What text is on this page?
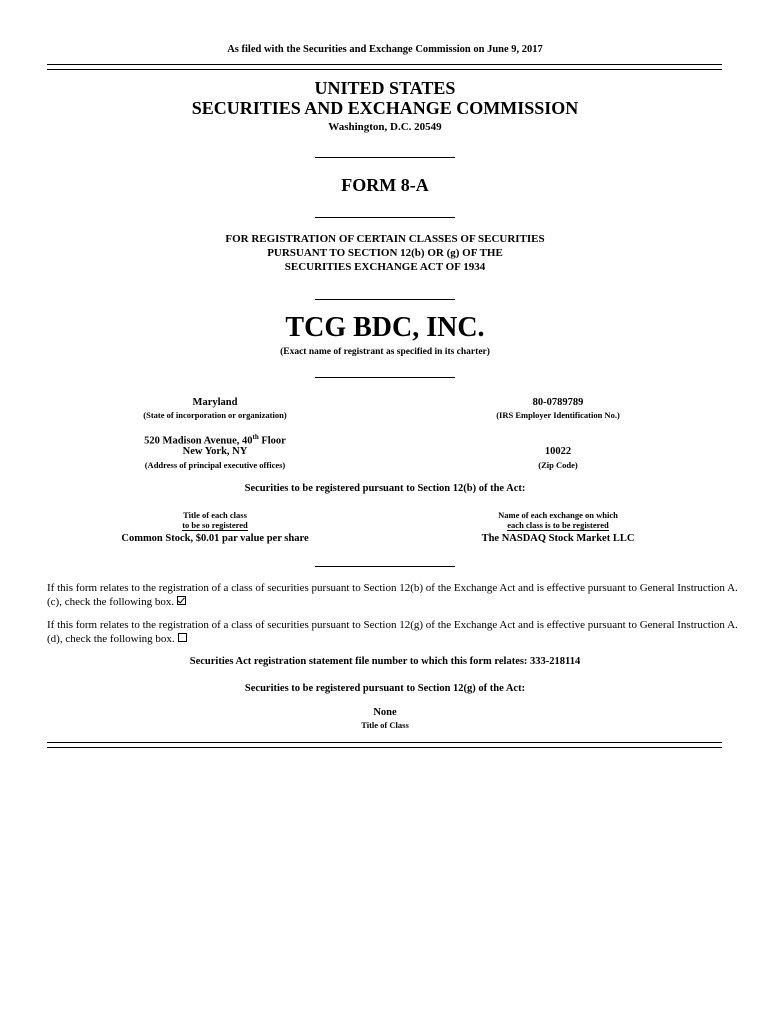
As filed with the Securities and Exchange Commission on June 9, 2017
UNITED STATES
SECURITIES AND EXCHANGE COMMISSION
Washington, D.C. 20549
FORM 8-A
FOR REGISTRATION OF CERTAIN CLASSES OF SECURITIES
PURSUANT TO SECTION 12(b) OR (g) OF THE
SECURITIES EXCHANGE ACT OF 1934
TCG BDC, INC.
(Exact name of registrant as specified in its charter)
Maryland
(State of incorporation or organization)
80-0789789
(IRS Employer Identification No.)
520 Madison Avenue, 40th Floor
New York, NY
(Address of principal executive offices)
10022
(Zip Code)
Securities to be registered pursuant to Section 12(b) of the Act:
Title of each class
to be so registered
Name of each exchange on which
each class is to be registered
Common Stock, $0.01 par value per share	The NASDAQ Stock Market LLC
If this form relates to the registration of a class of securities pursuant to Section 12(b) of the Exchange Act and is effective pursuant to General Instruction A.
(c), check the following box.
If this form relates to the registration of a class of securities pursuant to Section 12(g) of the Exchange Act and is effective pursuant to General Instruction A.
(d), check the following box.
Securities Act registration statement file number to which this form relates: 333-218114
Securities to be registered pursuant to Section 12(g) of the Act:
None
Title of Class
